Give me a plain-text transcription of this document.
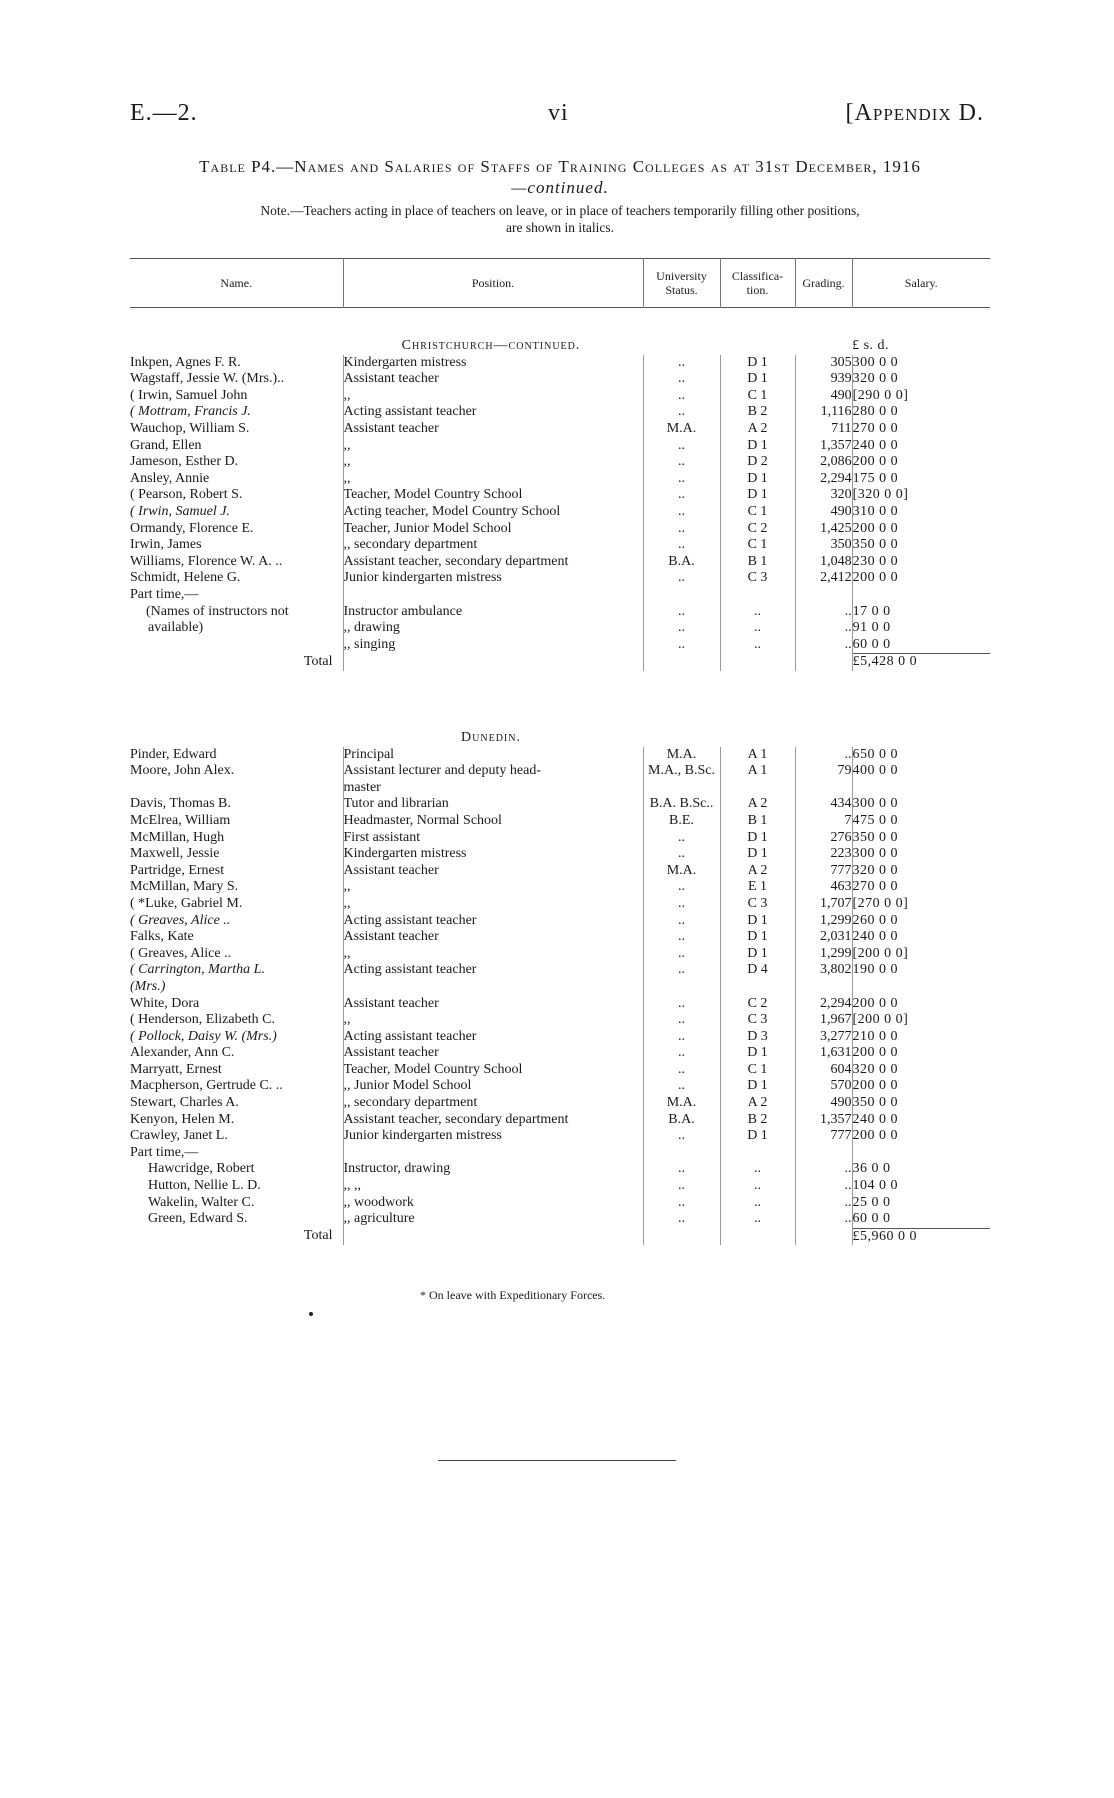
E.—2.	vi	[Appendix D.
Table P4.—Names and Salaries of Staffs of Training Colleges as at 31st December, 1916
—continued.
Note.—Teachers acting in place of teachers on leave, or in place of teachers temporarily filling other positions,
are shown in italics.
Name.	Position.	University Status.	Classifica- tion.	Grading.	Salary.
Christchurch—continued.					£ s. d.
Inkpen, Agnes F. R.	Kindergarten mistress	..	D 1	305	300 0 0
Wagstaff, Jessie W. (Mrs.)..	Assistant teacher	..	D 1	939	320 0 0
( Irwin, Samuel John	,,	..	C 1	490	[290 0 0]
( Mottram, Francis J.	Acting assistant teacher	..	B 2	1,116	280 0 0
Wauchop, William S.	Assistant teacher	M.A.	A 2	711	270 0 0
Grand, Ellen	,,	..	D 1	1,357	240 0 0
Jameson, Esther D.	,,	..	D 2	2,086	200 0 0
Ansley, Annie	,,	..	D 1	2,294	175 0 0
( Pearson, Robert S.	Teacher, Model Country School	..	D 1	320	[320 0 0]
( Irwin, Samuel J.	Acting teacher, Model Country School	..	C 1	490	310 0 0
Ormandy, Florence E.	Teacher, Junior Model School	..	C 2	1,425	200 0 0
Irwin, James	,, secondary department	..	C 1	350	350 0 0
Williams, Florence W. A. ..	Assistant teacher, secondary department	B.A.	B 1	1,048	230 0 0
Schmidt, Helene G.	Junior kindergarten mistress	..	C 3	2,412	200 0 0
Part time,—					
(Names of instructors not	Instructor ambulance	..	..	..	17 0 0
available)	,, drawing	..	..	..	91 0 0
	,, singing	..	..	..	60 0 0
Total					£5,428 0 0
Dunedin.					
Pinder, Edward	Principal	M.A.	A 1	..	650 0 0
Moore, John Alex.	Assistant lecturer and deputy head-	M.A., B.Sc.	A 1	79	400 0 0
	master				
Davis, Thomas B.	Tutor and librarian	B.A. B.Sc..	A 2	434	300 0 0
McElrea, William	Headmaster, Normal School	B.E.	B 1	7	475 0 0
McMillan, Hugh	First assistant	..	D 1	276	350 0 0
Maxwell, Jessie	Kindergarten mistress	..	D 1	223	300 0 0
Partridge, Ernest	Assistant teacher	M.A.	A 2	777	320 0 0
McMillan, Mary S.	,,	..	E 1	463	270 0 0
( *Luke, Gabriel M.	,,	..	C 3	1,707	[270 0 0]
( Greaves, Alice ..	Acting assistant teacher	..	D 1	1,299	260 0 0
Falks, Kate	Assistant teacher	..	D 1	2,031	240 0 0
( Greaves, Alice ..	,,	..	D 1	1,299	[200 0 0]
( Carrington, Martha L.	Acting assistant teacher	..	D 4	3,802	190 0 0
(Mrs.)					
White, Dora	Assistant teacher	..	C 2	2,294	200 0 0
( Henderson, Elizabeth C.	,,	..	C 3	1,967	[200 0 0]
( Pollock, Daisy W. (Mrs.)	Acting assistant teacher	..	D 3	3,277	210 0 0
Alexander, Ann C.	Assistant teacher	..	D 1	1,631	200 0 0
Marryatt, Ernest	Teacher, Model Country School	..	C 1	604	320 0 0
Macpherson, Gertrude C. ..	,, Junior Model School	..	D 1	570	200 0 0
Stewart, Charles A.	,, secondary department	M.A.	A 2	490	350 0 0
Kenyon, Helen M.	Assistant teacher, secondary department	B.A.	B 2	1,357	240 0 0
Crawley, Janet L.	Junior kindergarten mistress	..	D 1	777	200 0 0
Part time,—					
Hawcridge, Robert	Instructor, drawing	..	..	..	36 0 0
Hutton, Nellie L. D.	,, ,,	..	..	..	104 0 0
Wakelin, Walter C.	,, woodwork	..	..	..	25 0 0
Green, Edward S.	,, agriculture	..	..	..	60 0 0
Total					£5,960 0 0
* On leave with Expeditionary Forces.
